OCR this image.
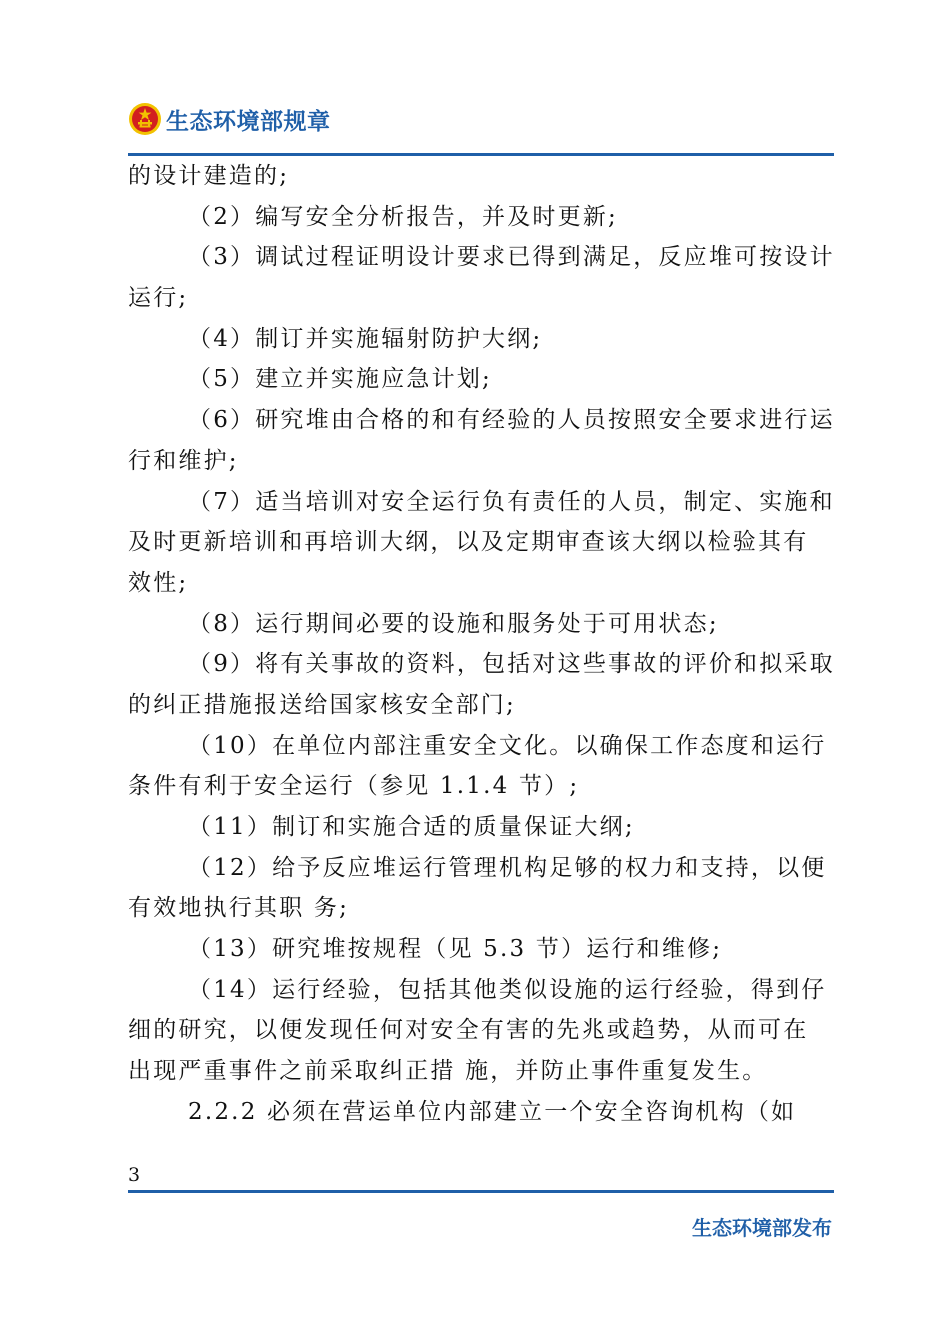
生态环境部规章
的设计建造的;
（2）编写安全分析报告，并及时更新;
（3）调试过程证明设计要求已得到满足，反应堆可按设计
运行;
（4）制订并实施辐射防护大纲;
（5）建立并实施应急计划;
（6）研究堆由合格的和有经验的人员按照安全要求进行运
行和维护;
（7）适当培训对安全运行负有责任的人员，制定、实施和
及时更新培训和再培训大纲，以及定期审查该大纲以检验其有
效性;
（8）运行期间必要的设施和服务处于可用状态;
（9）将有关事故的资料，包括对这些事故的评价和拟采取
的纠正措施报送给国家核安全部门;
（10）在单位内部注重安全文化。以确保工作态度和运行
条件有利于安全运行（参见 1.1.4 节）;
（11）制订和实施合适的质量保证大纲;
（12）给予反应堆运行管理机构足够的权力和支持，以便
有效地执行其职 务;
（13）研究堆按规程（见 5.3 节）运行和维修;
（14）运行经验，包括其他类似设施的运行经验，得到仔
细的研究，以便发现任何对安全有害的先兆或趋势，从而可在
出现严重事件之前采取纠正措 施，并防止事件重复发生。
2.2.2 必须在营运单位内部建立一个安全咨询机构（如
3
生态环境部发布
